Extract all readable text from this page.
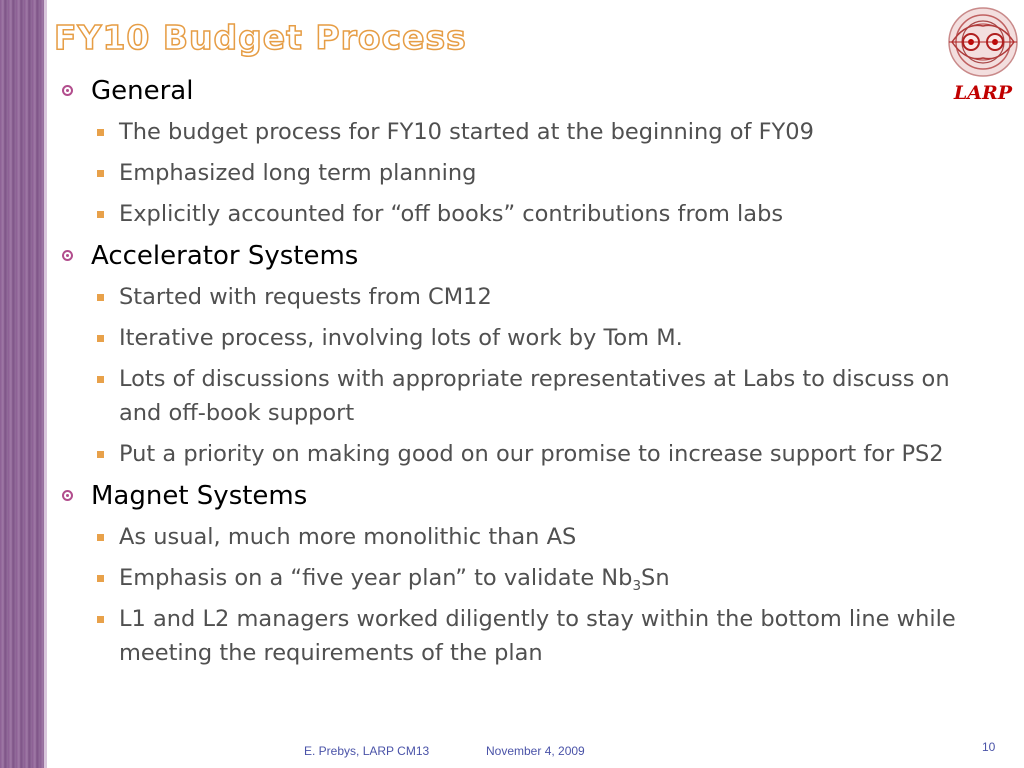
FY10 Budget Process
LARP
General
The budget process for FY10 started at the beginning of FY09
Emphasized long term planning
Explicitly accounted for “off books” contributions from labs
Accelerator Systems
Started with requests from CM12
Iterative process, involving lots of work by Tom M.
Lots of discussions with appropriate representatives at Labs to discuss on and off-book support
Put a priority on making good on our promise to increase support for PS2
Magnet Systems
As usual, much more monolithic than AS
Emphasis on a “five year plan” to validate $Nb_3Sn$
L1 and L2 managers worked diligently to stay within the bottom line while meeting the requirements of the plan
E. Prebys, LARP CM13	November 4, 2009	10
